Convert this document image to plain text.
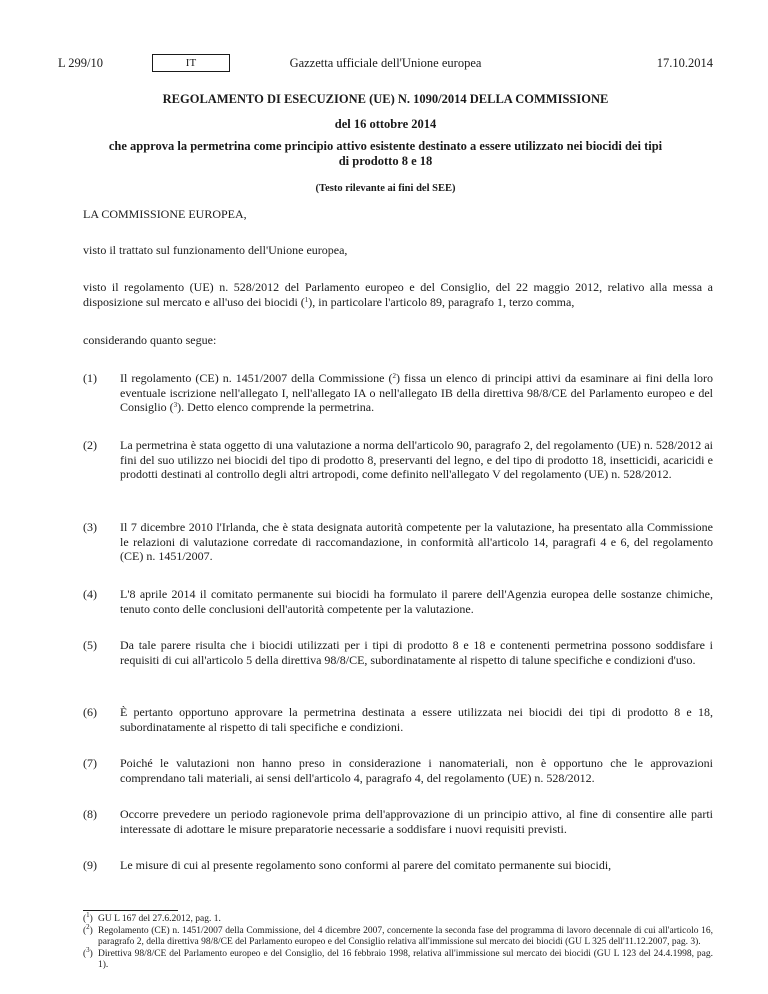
L 299/10	IT	Gazzetta ufficiale dell'Unione europea	17.10.2014

REGOLAMENTO DI ESECUZIONE (UE) N. 1090/2014 DELLA COMMISSIONE

del 16 ottobre 2014

che approva la permetrina come principio attivo esistente destinato a essere utilizzato nei biocidi dei tipi di prodotto 8 e 18

(Testo rilevante ai fini del SEE)

LA COMMISSIONE EUROPEA,

visto il trattato sul funzionamento dell'Unione europea,

visto il regolamento (UE) n. 528/2012 del Parlamento europeo e del Consiglio, del 22 maggio 2012, relativo alla messa a disposizione sul mercato e all'uso dei biocidi ($^1$), in particolare l'articolo 89, paragrafo 1, terzo comma,

considerando quanto segue:

(1)	Il regolamento (CE) n. 1451/2007 della Commissione ($^2$) fissa un elenco di principi attivi da esaminare ai fini della loro eventuale iscrizione nell'allegato I, nell'allegato IA o nell'allegato IB della direttiva 98/8/CE del Parlamento europeo e del Consiglio ($^3$). Detto elenco comprende la permetrina.

(2)	La permetrina è stata oggetto di una valutazione a norma dell'articolo 90, paragrafo 2, del regolamento (UE) n. 528/2012 ai fini del suo utilizzo nei biocidi del tipo di prodotto 8, preservanti del legno, e del tipo di prodotto 18, insetticidi, acaricidi e prodotti destinati al controllo degli altri artropodi, come definito nell'allegato V del regolamento (UE) n. 528/2012.

(3)	Il 7 dicembre 2010 l'Irlanda, che è stata designata autorità competente per la valutazione, ha presentato alla Commissione le relazioni di valutazione corredate di raccomandazione, in conformità all'articolo 14, paragrafi 4 e 6, del regolamento (CE) n. 1451/2007.

(4)	L'8 aprile 2014 il comitato permanente sui biocidi ha formulato il parere dell'Agenzia europea delle sostanze chimiche, tenuto conto delle conclusioni dell'autorità competente per la valutazione.

(5)	Da tale parere risulta che i biocidi utilizzati per i tipi di prodotto 8 e 18 e contenenti permetrina possono soddisfare i requisiti di cui all'articolo 5 della direttiva 98/8/CE, subordinatamente al rispetto di talune specifiche e condizioni d'uso.

(6)	È pertanto opportuno approvare la permetrina destinata a essere utilizzata nei biocidi dei tipi di prodotto 8 e 18, subordinatamente al rispetto di tali specifiche e condizioni.

(7)	Poiché le valutazioni non hanno preso in considerazione i nanomateriali, non è opportuno che le approvazioni comprendano tali materiali, ai sensi dell'articolo 4, paragrafo 4, del regolamento (UE) n. 528/2012.

(8)	Occorre prevedere un periodo ragionevole prima dell'approvazione di un principio attivo, al fine di consentire alle parti interessate di adottare le misure preparatorie necessarie a soddisfare i nuovi requisiti previsti.

(9)	Le misure di cui al presente regolamento sono conformi al parere del comitato permanente sui biocidi,

($^1$) GU L 167 del 27.6.2012, pag. 1.
($^2$) Regolamento (CE) n. 1451/2007 della Commissione, del 4 dicembre 2007, concernente la seconda fase del programma di lavoro decennale di cui all'articolo 16, paragrafo 2, della direttiva 98/8/CE del Parlamento europeo e del Consiglio relativa all'immissione sul mercato dei biocidi (GU L 325 dell'11.12.2007, pag. 3).
($^3$) Direttiva 98/8/CE del Parlamento europeo e del Consiglio, del 16 febbraio 1998, relativa all'immissione sul mercato dei biocidi (GU L 123 del 24.4.1998, pag. 1).
